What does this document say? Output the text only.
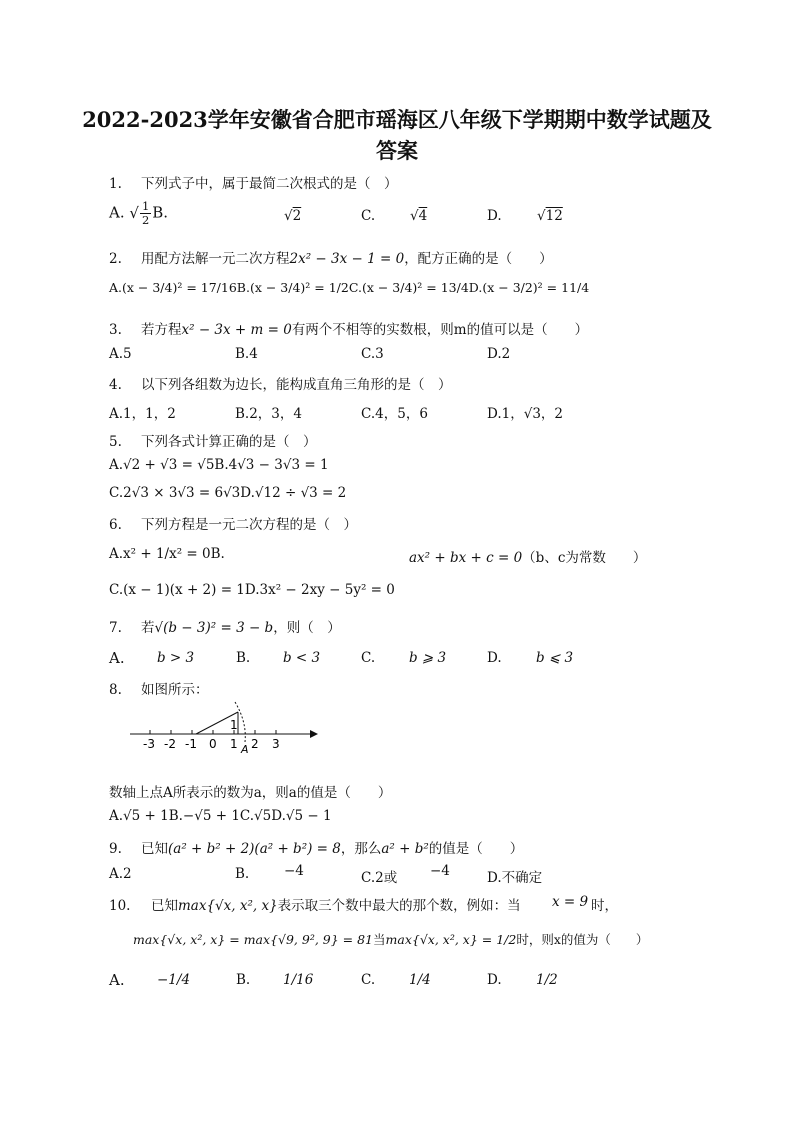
2022-2023学年安徽省合肥市瑶海区八年级下学期期中数学试题及
答案
1. 下列式子中，属于最简二次根式的是（　）
A. √ $\frac{1}{2} B$.	√2	C.	√4	D.	√12
2. 用配方法解一元二次方程2x² − 3x − 1 = 0，配方正确的是（　　）
A.(x − 3/4)² = 17/16B.(x − 3/4)² = 1/2C.(x − 3/4)² = 13/4D.(x − 3/2)² = 11/4
3. 若方程x² − 3x + m = 0有两个不相等的实数根，则m的值可以是（　　）
A.5	B.4	C.3	D.2
4. 以下列各组数为边长，能构成直角三角形的是（　）
A.1，1，2	B.2，3，4	C.4，5，6	D.1，√3，2
5. 下列各式计算正确的是（　）
A.√2 + √3 = √5B.4√3 − 3√3 = 1
C.2√3 × 3√3 = 6√3D.√12 ÷ √3 = 2
6. 下列方程是一元二次方程的是（　）
A.x² + 1/x² = 0B.	ax² + bx + c = 0（b、c为常数　　）
C.(x − 1)(x + 2) = 1D.3x² − 2xy − 5y² = 0
7. 若√(b − 3)² = 3 − b，则（　）
A. b > 3	B. b < 3	C.	b ⩾ 3	D.	b ⩽ 3
8. 如图所示：
-3 -2 -1 0 1 2 3
1
A
数轴上点A所表示的数为a，则a的值是（　　）
A.√5 + 1B.−√5 + 1C.√5D.√5 − 1
9. 已知(a² + b² + 2)(a² + b²) = 8，那么a² + b²的值是（　　）
A.2	B.	−4	C.2或 −4	D.不确定
10. 已知max{√x, x², x}表示取三个数中最大的那个数，例如：当 x = 9 时，
max{√x, x², x} = max{√9, 9², 9} = 81当max{√x, x², x} = 1/2时，则x的值为（　　）
A. −1/4	B. 1/16	C.	1/4	D.	1/2
